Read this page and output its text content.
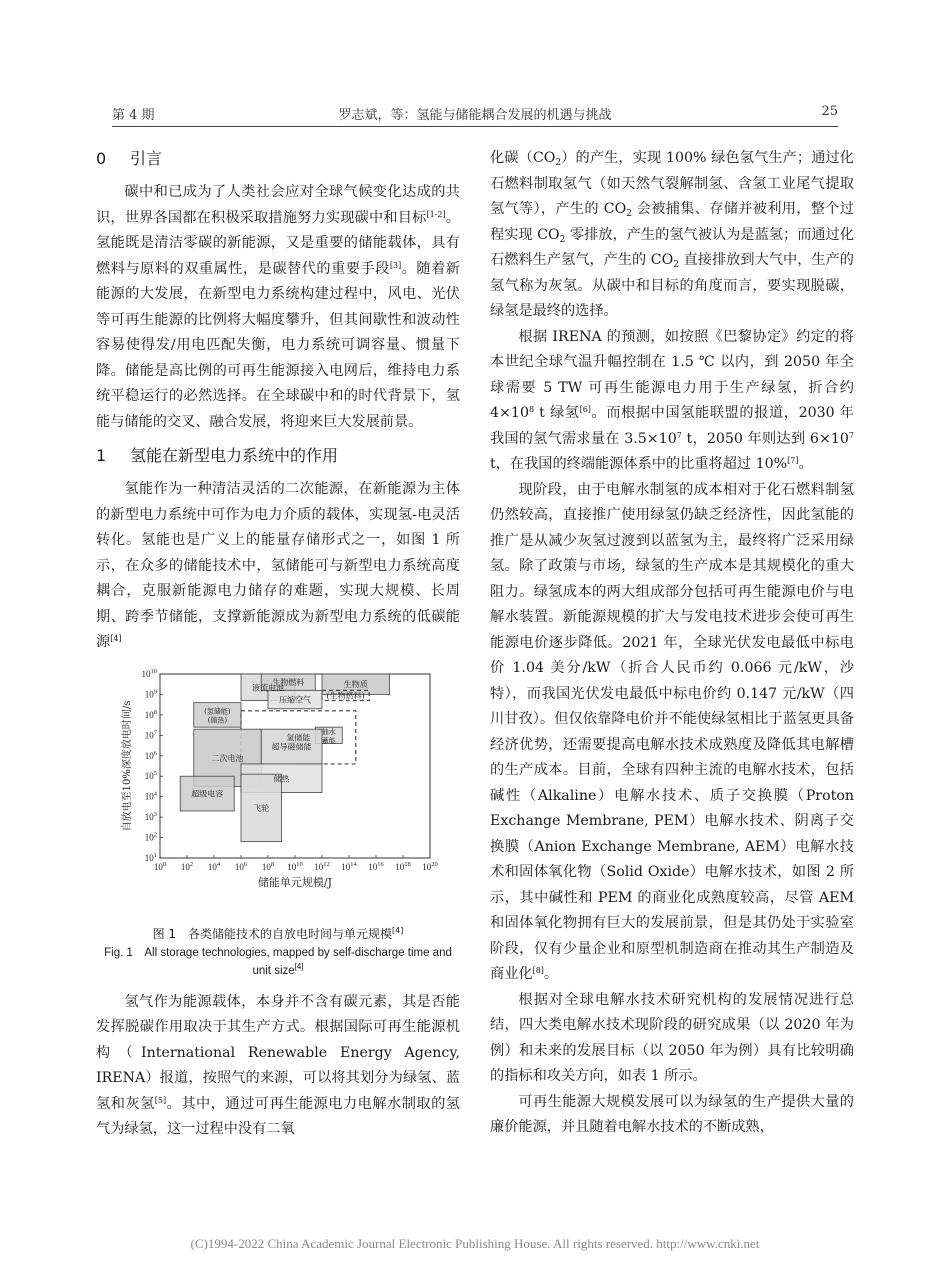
第 4 期	罗志斌，等：氢能与储能耦合发展的机遇与挑战	25
0 引言

碳中和已成为了人类社会应对全球气候变化达成的共识，世界各国都在积极采取措施努力实现碳中和目标[1-2]。氢能既是清洁零碳的新能源，又是重要的储能载体，具有燃料与原料的双重属性，是碳替代的重要手段[3]。随着新能源的大发展，在新型电力系统构建过程中，风电、光伏等可再生能源的比例将大幅度攀升，但其间歇性和波动性容易使得发/用电匹配失衡，电力系统可调容量、惯量下降。储能是高比例的可再生能源接入电网后，维持电力系统平稳运行的必然选择。在全球碳中和的时代背景下，氢能与储能的交叉、融合发展，将迎来巨大发展前景。

1 氢能在新型电力系统中的作用

氢能作为一种清洁灵活的二次能源，在新能源为主体的新型电力系统中可作为电力介质的载体，实现氢-电灵活转化。氢能也是广义上的能量存储形式之一，如图 1 所示，在众多的储能技术中，氢储能可与新型电力系统高度耦合，克服新能源电力储存的难题，实现大规模、长周期、跨季节储能，支撑新能源成为新型电力系统的低碳能源[4]

液流电池
生物燃料	生物质
(生物燃料)
压缩空气
(氢储能)
(储热)
抽水
蓄能
氢储能
二次电池
超导磁储能
储热
超级电容
飞轮
$10^0$ $10^2$ $10^4$ $10^6$ $10^8$ $10^{10}$ $10^{12}$ $10^{14}$ $10^{16}$ $10^{18}$ $10^{20}$
$10^1$
$10^2$
$10^3$
$10^4$
$10^5$
$10^6$
$10^7$
$10^8$
$10^9$
$10^{10}$
储能单元规模/J
自放电至10%深度放电时间/s
图 1　各类储能技术的自放电时间与单元规模[4]
Fig. 1　All storage technologies, mapped by self-discharge time and unit size[4]

氢气作为能源载体，本身并不含有碳元素，其是否能发挥脱碳作用取决于其生产方式。根据国际可再生能源机构（International Renewable Energy Agency, IRENA）报道，按照气的来源，可以将其划分为绿氢、蓝氢和灰氢[5]。其中，通过可再生能源电力电解水制取的氢气为绿氢，这一过程中没有二氧

化碳$(CO_2)$的产生，实现 100% 绿色氢气生产；通过化石燃料制取氢气（如天然气裂解制氢、含氢工业尾气提取氢气等），产生的 $CO_2$ 会被捕集、存储并被利用，整个过程实现 $CO_2$ 零排放，产生的氢气被认为是蓝氢；而通过化石燃料生产氢气，产生的 $CO_2$ 直接排放到大气中，生产的氢气称为灰氢。从碳中和目标的角度而言，要实现脱碳，绿氢是最终的选择。

根据 IRENA 的预测，如按照《巴黎协定》约定的将本世纪全球气温升幅控制在 1.5 ℃ 以内，到 2050 年全球需要 5 TW 可再生能源电力用于生产绿氢，折合约 $4\times 10^8$ t 绿氢[6]。而根据中国氢能联盟的报道，2030 年我国的氢气需求量在 $3.5\times 10^7$ t，2050 年则达到 $6\times 10^7$ t，在我国的终端能源体系中的比重将超过 10%[7]。

现阶段，由于电解水制氢的成本相对于化石燃料制氢仍然较高，直接推广使用绿氢仍缺乏经济性，因此氢能的推广是从减少灰氢过渡到以蓝氢为主，最终将广泛采用绿氢。除了政策与市场，绿氢的生产成本是其规模化的重大阻力。绿氢成本的两大组成部分包括可再生能源电价与电解水装置。新能源规模的扩大与发电技术进步会使可再生能源电价逐步降低。2021 年，全球光伏发电最低中标电价 1.04 美分/kW（折合人民币约 0.066 元/kW，沙特），而我国光伏发电最低中标电价约 0.147 元/kW（四川甘孜）。但仅依靠降电价并不能使绿氢相比于蓝氢更具备经济优势，还需要提高电解水技术成熟度及降低其电解槽的生产成本。目前，全球有四种主流的电解水技术，包括碱性（Alkaline）电解水技术、质子交换膜（Proton Exchange Membrane, PEM）电解水技术、阴离子交换膜（Anion Exchange Membrane, AEM）电解水技术和固体氧化物（Solid Oxide）电解水技术，如图 2 所示，其中碱性和 PEM 的商业化成熟度较高，尽管 AEM 和固体氧化物拥有巨大的发展前景，但是其仍处于实验室阶段，仅有少量企业和原型机制造商在推动其生产制造及商业化[8]。

根据对全球电解水技术研究机构的发展情况进行总结，四大类电解水技术现阶段的研究成果（以 2020 年为例）和未来的发展目标（以 2050 年为例）具有比较明确的指标和攻关方向，如表 1 所示。

可再生能源大规模发展可以为绿氢的生产提供大量的廉价能源，并且随着电解水技术的不断成熟，

(C)1994-2022 China Academic Journal Electronic Publishing House. All rights reserved. http://www.cnki.net
